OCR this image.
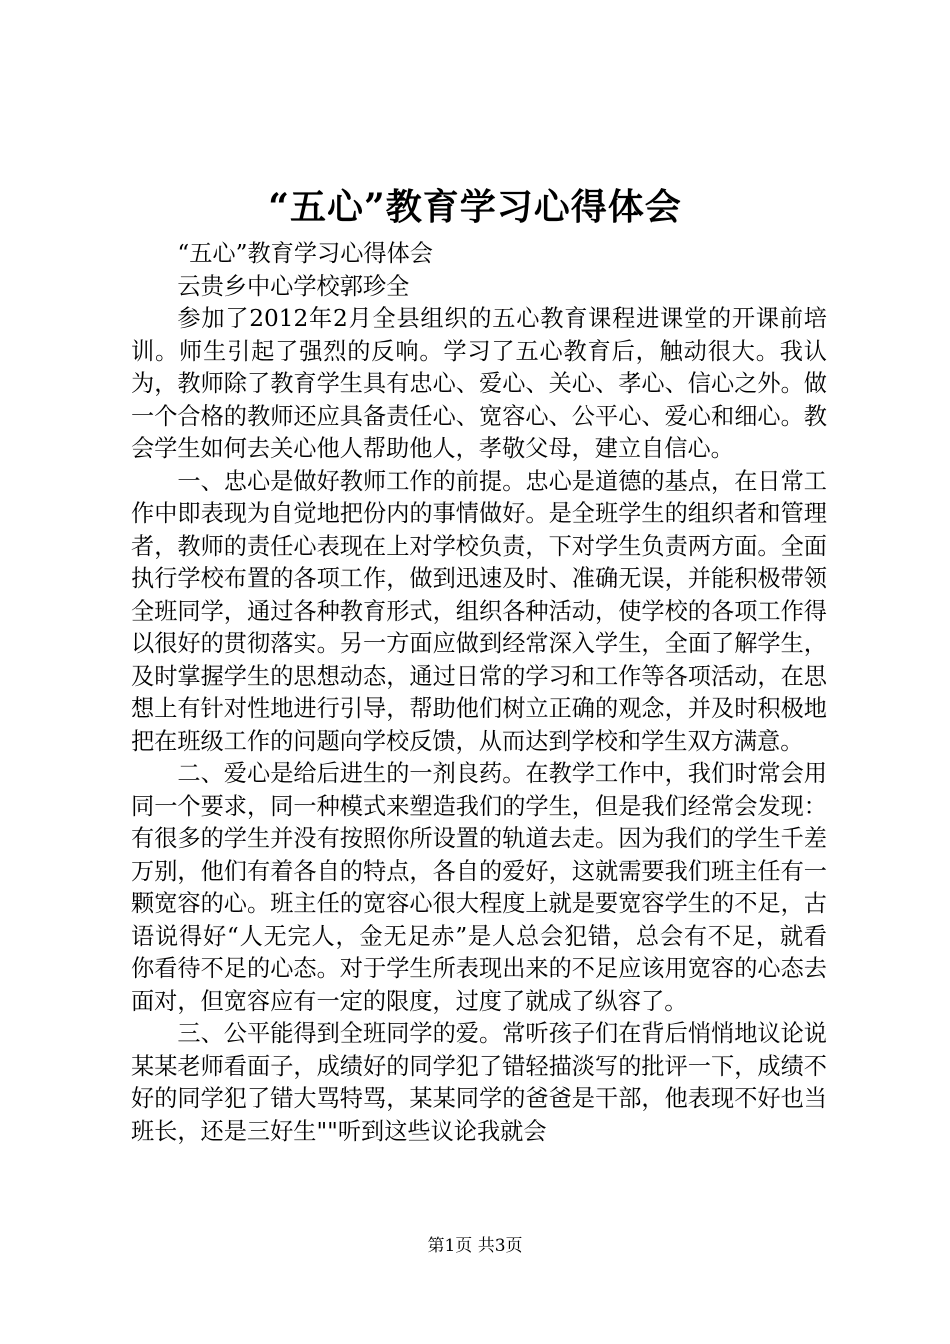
“五心”教育学习心得体会

“五心”教育学习心得体会

云贵乡中心学校郭珍全

参加了2012年2月全县组织的五心教育课程进课堂的开课前培训。师生引起了强烈的反响。学习了五心教育后，触动很大。我认为，教师除了教育学生具有忠心、爱心、关心、孝心、信心之外。做一个合格的教师还应具备责任心、宽容心、公平心、爱心和细心。教会学生如何去关心他人帮助他人，孝敬父母，建立自信心。

一、忠心是做好教师工作的前提。忠心是道德的基点，在日常工作中即表现为自觉地把份内的事情做好。是全班学生的组织者和管理者，教师的责任心表现在上对学校负责，下对学生负责两方面。全面执行学校布置的各项工作，做到迅速及时、准确无误，并能积极带领全班同学，通过各种教育形式，组织各种活动，使学校的各项工作得以很好的贯彻落实。另一方面应做到经常深入学生，全面了解学生，及时掌握学生的思想动态，通过日常的学习和工作等各项活动，在思想上有针对性地进行引导，帮助他们树立正确的观念，并及时积极地把在班级工作的问题向学校反馈，从而达到学校和学生双方满意。

二、爱心是给后进生的一剂良药。在教学工作中，我们时常会用同一个要求，同一种模式来塑造我们的学生，但是我们经常会发现：有很多的学生并没有按照你所设置的轨道去走。因为我们的学生千差万别，他们有着各自的特点，各自的爱好，这就需要我们班主任有一颗宽容的心。班主任的宽容心很大程度上就是要宽容学生的不足，古语说得好“人无完人，金无足赤”是人总会犯错，总会有不足，就看你看待不足的心态。对于学生所表现出来的不足应该用宽容的心态去面对，但宽容应有一定的限度，过度了就成了纵容了。

三、公平能得到全班同学的爱。常听孩子们在背后悄悄地议论说某某老师看面子，成绩好的同学犯了错轻描淡写的批评一下，成绩不好的同学犯了错大骂特骂，某某同学的爸爸是干部，他表现不好也当班长，还是三好生""听到这些议论我就会

第1页 共3页
